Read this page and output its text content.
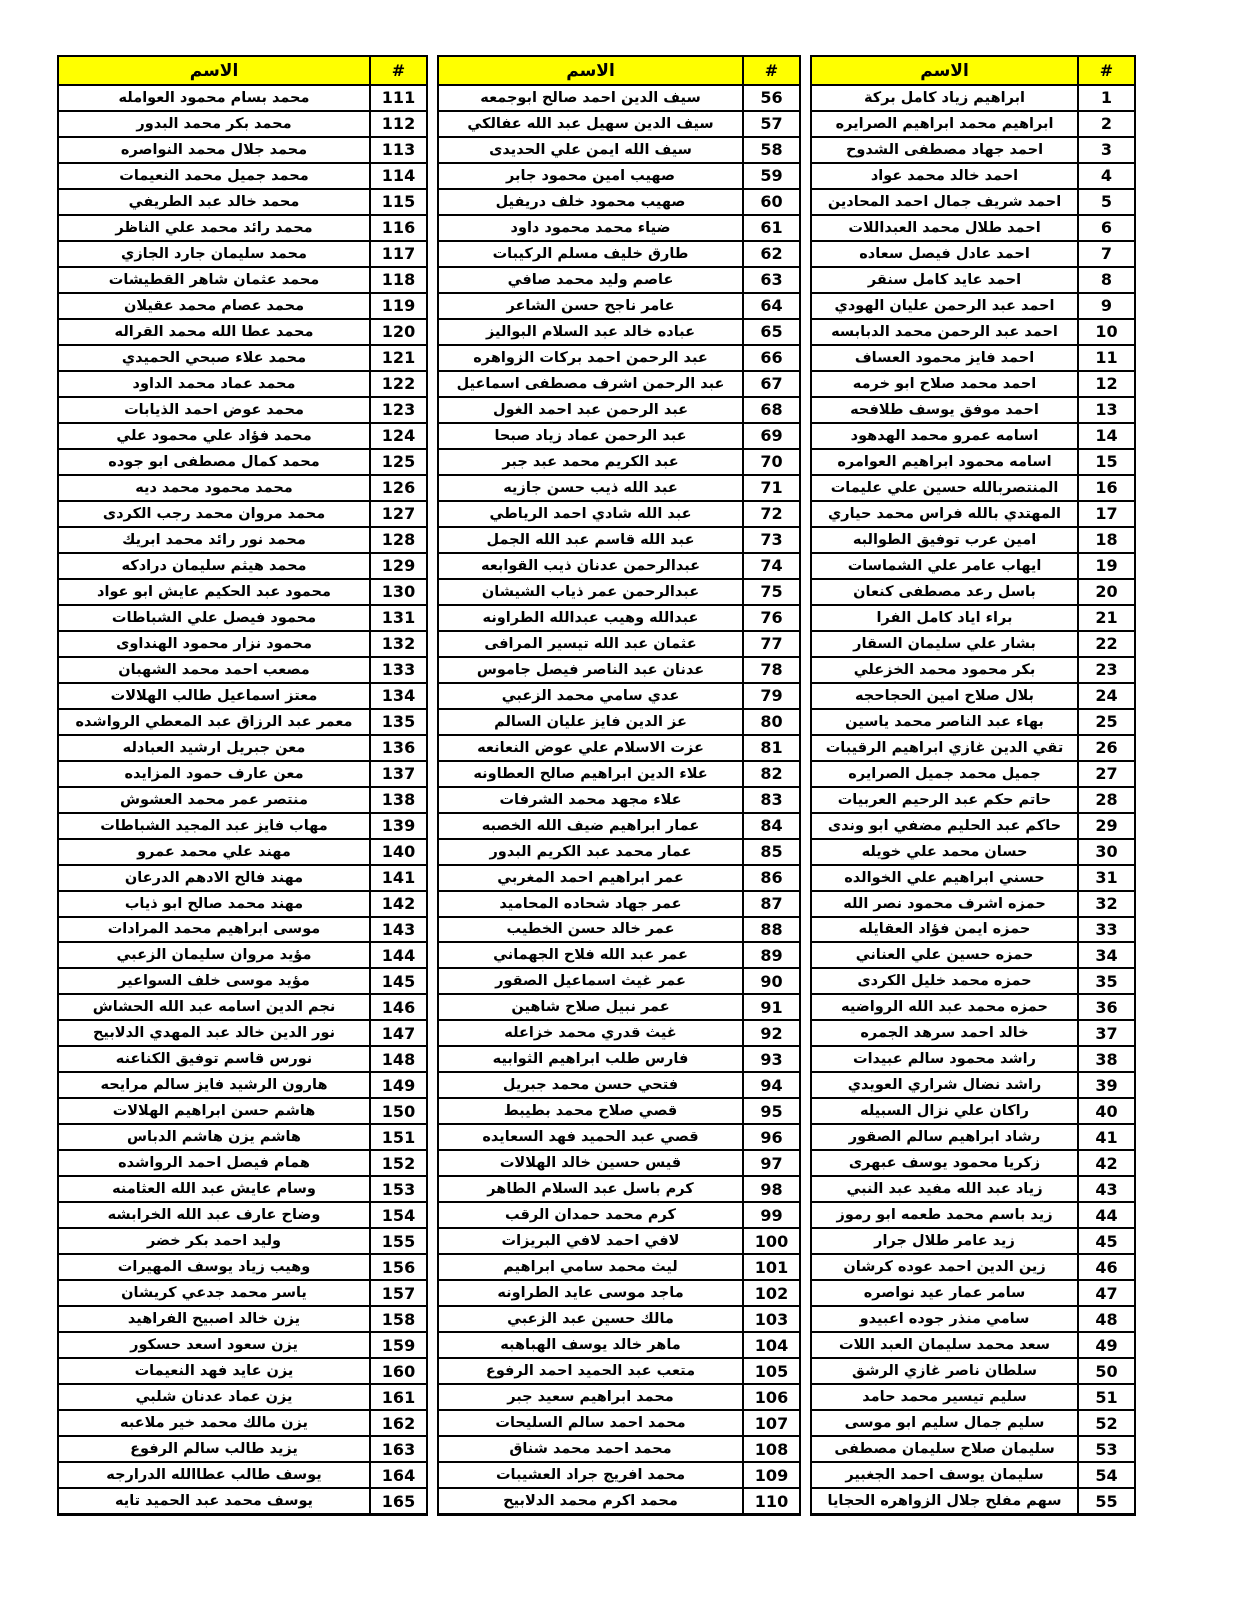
#
الاسم
1
ابراهيم زياد كامل بركة
2
ابراهيم محمد ابراهيم الصرايره
3
احمد جهاد مصطفى الشدوح
4
احمد خالد محمد عواد
5
احمد شريف جمال احمد المحادين
6
احمد طلال محمد العبداللات
7
احمد عادل فيصل سعاده
8
احمد عايد كامل سنقر
9
احمد عبد الرحمن عليان الهودي
10
احمد عبد الرحمن محمد الدبابسه
11
احمد فايز محمود العساف
12
احمد محمد صلاح ابو خرمه
13
احمد موفق يوسف طلافحه
14
اسامه عمرو محمد الهدهود
15
اسامه محمود ابراهيم العوامره
16
المنتصربالله حسين علي عليمات
17
المهتدي بالله فراس محمد حياري
18
امين عرب توفيق الطوالبه
19
ايهاب عامر علي الشماسات
20
باسل رعد مصطفى كنعان
21
براء اياد كامل الفرا
22
بشار علي سليمان السقار
23
بكر محمود محمد الخزعلي
24
بلال صلاح امين الحجاحجه
25
بهاء عبد الناصر محمد ياسين
26
تقي الدين غازي ابراهيم الرقيبات
27
جميل محمد جميل الصرايره
28
حاتم حكم عبد الرحيم العربيات
29
حاكم عبد الحليم مضفي ابو وندى
30
حسان محمد علي خويله
31
حسني ابراهيم علي الخوالده
32
حمزه اشرف محمود نصر الله
33
حمزه ايمن فؤاد العقايله
34
حمزه حسين علي العناني
35
حمزه محمد خليل الكردى
36
حمزه محمد عبد الله الرواضيه
37
خالد احمد سرهد الجمره
38
راشد محمود سالم عبيدات
39
راشد نضال شراري العويدي
40
راكان علي نزال السبيله
41
رشاد ابراهيم سالم الصقور
42
زكريا محمود يوسف عبهرى
43
زياد عبد الله مفيد عبد النبي
44
زيد باسم محمد طعمه ابو رموز
45
زيد عامر طلال جرار
46
زين الدين احمد عوده كرشان
47
سامر عمار عيد نواصره
48
سامي منذر جوده اعبيدو
49
سعد محمد سليمان العبد اللات
50
سلطان ناصر غازي الرشق
51
سليم تيسير محمد حامد
52
سليم جمال سليم ابو موسى
53
سليمان صلاح سليمان مصطفى
54
سليمان يوسف احمد الجغبير
55
سهم مفلح جلال الزواهره الحجايا
#
الاسم
56
سيف الدين احمد صالح ابوجمعه
57
سيف الدين سهيل عبد الله عفالكي
58
سيف الله ايمن علي الحديدى
59
صهيب امين محمود جابر
60
صهيب محمود خلف دريفيل
61
ضياء محمد محمود داود
62
طارق خليف مسلم الركيبات
63
عاصم وليد محمد صافي
64
عامر ناجح حسن الشاعر
65
عباده خالد عبد السلام البواليز
66
عبد الرحمن احمد بركات الزواهره
67
عبد الرحمن اشرف مصطفى اسماعيل
68
عبد الرحمن عبد احمد الغول
69
عبد الرحمن عماد زياد صبحا
70
عبد الكريم محمد عبد جبر
71
عبد الله ذيب حسن جازيه
72
عبد الله شادي احمد الرياطي
73
عبد الله قاسم عبد الله الجمل
74
عبدالرحمن عدنان ذيب القوابعه
75
عبدالرحمن عمر ذياب الشيشان
76
عبدالله وهيب عبدالله الطراونه
77
عثمان عبد الله تيسير المرافى
78
عدنان عبد الناصر فيصل جاموس
79
عدي سامي محمد الزعبي
80
عز الدين فايز عليان السالم
81
عزت الاسلام علي عوض النعانعه
82
علاء الدين ابراهيم صالح العطاونه
83
علاء مجهد محمد الشرفات
84
عمار ابراهيم ضيف الله الخصبه
85
عمار محمد عبد الكريم البدور
86
عمر ابراهيم احمد المغربي
87
عمر جهاد شحاده المحاميد
88
عمر خالد حسن الخطيب
89
عمر عبد الله فلاح الجهماني
90
عمر غيث اسماعيل الصقور
91
عمر نبيل صلاح شاهين
92
غيث قدري محمد خزاعله
93
فارس طلب ابراهيم الثوابيه
94
فتحي حسن محمد جبريل
95
قصي صلاح محمد بطيبط
96
قصي عبد الحميد فهد السعايده
97
قيس حسين خالد الهلالات
98
كرم باسل عبد السلام الطاهر
99
كرم محمد حمدان الرقب
100
لافي احمد لافي البريزات
101
ليث محمد سامي ابراهيم
102
ماجد موسى عايد الطراونه
103
مالك حسين عبد الزعبي
104
ماهر خالد يوسف الهباهبه
105
متعب عبد الحميد احمد الرفوع
106
محمد ابراهيم سعيد جبر
107
محمد احمد سالم السليحات
108
محمد احمد محمد شناق
109
محمد افريج جراد العشيبات
110
محمد اكرم محمد الدلابيح
#
الاسم
111
محمد بسام محمود العوامله
112
محمد بكر محمد البدور
113
محمد جلال محمد النواصره
114
محمد جميل محمد النعيمات
115
محمد خالد عبد الطريفي
116
محمد رائد محمد علي الناظر
117
محمد سليمان جارد الجازي
118
محمد عثمان شاهر القطيشات
119
محمد عصام محمد عقيلان
120
محمد عطا الله محمد القراله
121
محمد علاء صبحي الحميدي
122
محمد عماد محمد الداود
123
محمد عوض احمد الذيابات
124
محمد فؤاد علي محمود علي
125
محمد كمال مصطفى ابو جوده
126
محمد محمود محمد ديه
127
محمد مروان محمد رجب الكردى
128
محمد نور رائد محمد ابريك
129
محمد هيثم سليمان درادكه
130
محمود عبد الحكيم عايش ابو عواد
131
محمود فيصل علي الشباطات
132
محمود نزار محمود الهنداوى
133
مصعب احمد محمد الشهبان
134
معتز اسماعيل طالب الهلالات
135
معمر عبد الرزاق عبد المعطي الرواشده
136
معن جبريل ارشيد العبادله
137
معن عارف حمود المزايده
138
منتصر عمر محمد العشوش
139
مهاب فايز عبد المجيد الشباطات
140
مهند علي محمد عمرو
141
مهند فالح الادهم الدرعان
142
مهند محمد صالح ابو ذياب
143
موسى ابراهيم محمد المرادات
144
مؤيد مروان سليمان الزعبي
145
مؤيد موسى خلف السواعير
146
نجم الدين اسامه عبد الله الحشاش
147
نور الدين خالد عبد المهدي الدلابيح
148
نورس قاسم توفيق الكناعنه
149
هارون الرشيد فايز سالم مرايحه
150
هاشم حسن ابراهيم الهلالات
151
هاشم يزن هاشم الدباس
152
همام فيصل احمد الرواشده
153
وسام عايش عبد الله العثامنه
154
وضاح عارف عبد الله الخرابشه
155
وليد احمد بكر خضر
156
وهيب زياد يوسف المهيرات
157
ياسر محمد جدعي كريشان
158
يزن خالد اصبيح الفراهيد
159
يزن سعود اسعد حسكور
160
يزن عايد فهد النعيمات
161
يزن عماد عدنان شلبي
162
يزن مالك محمد خير ملاعبه
163
يزيد طالب سالم الرفوع
164
يوسف طالب عطاالله الدرارجه
165
يوسف محمد عبد الحميد تايه
